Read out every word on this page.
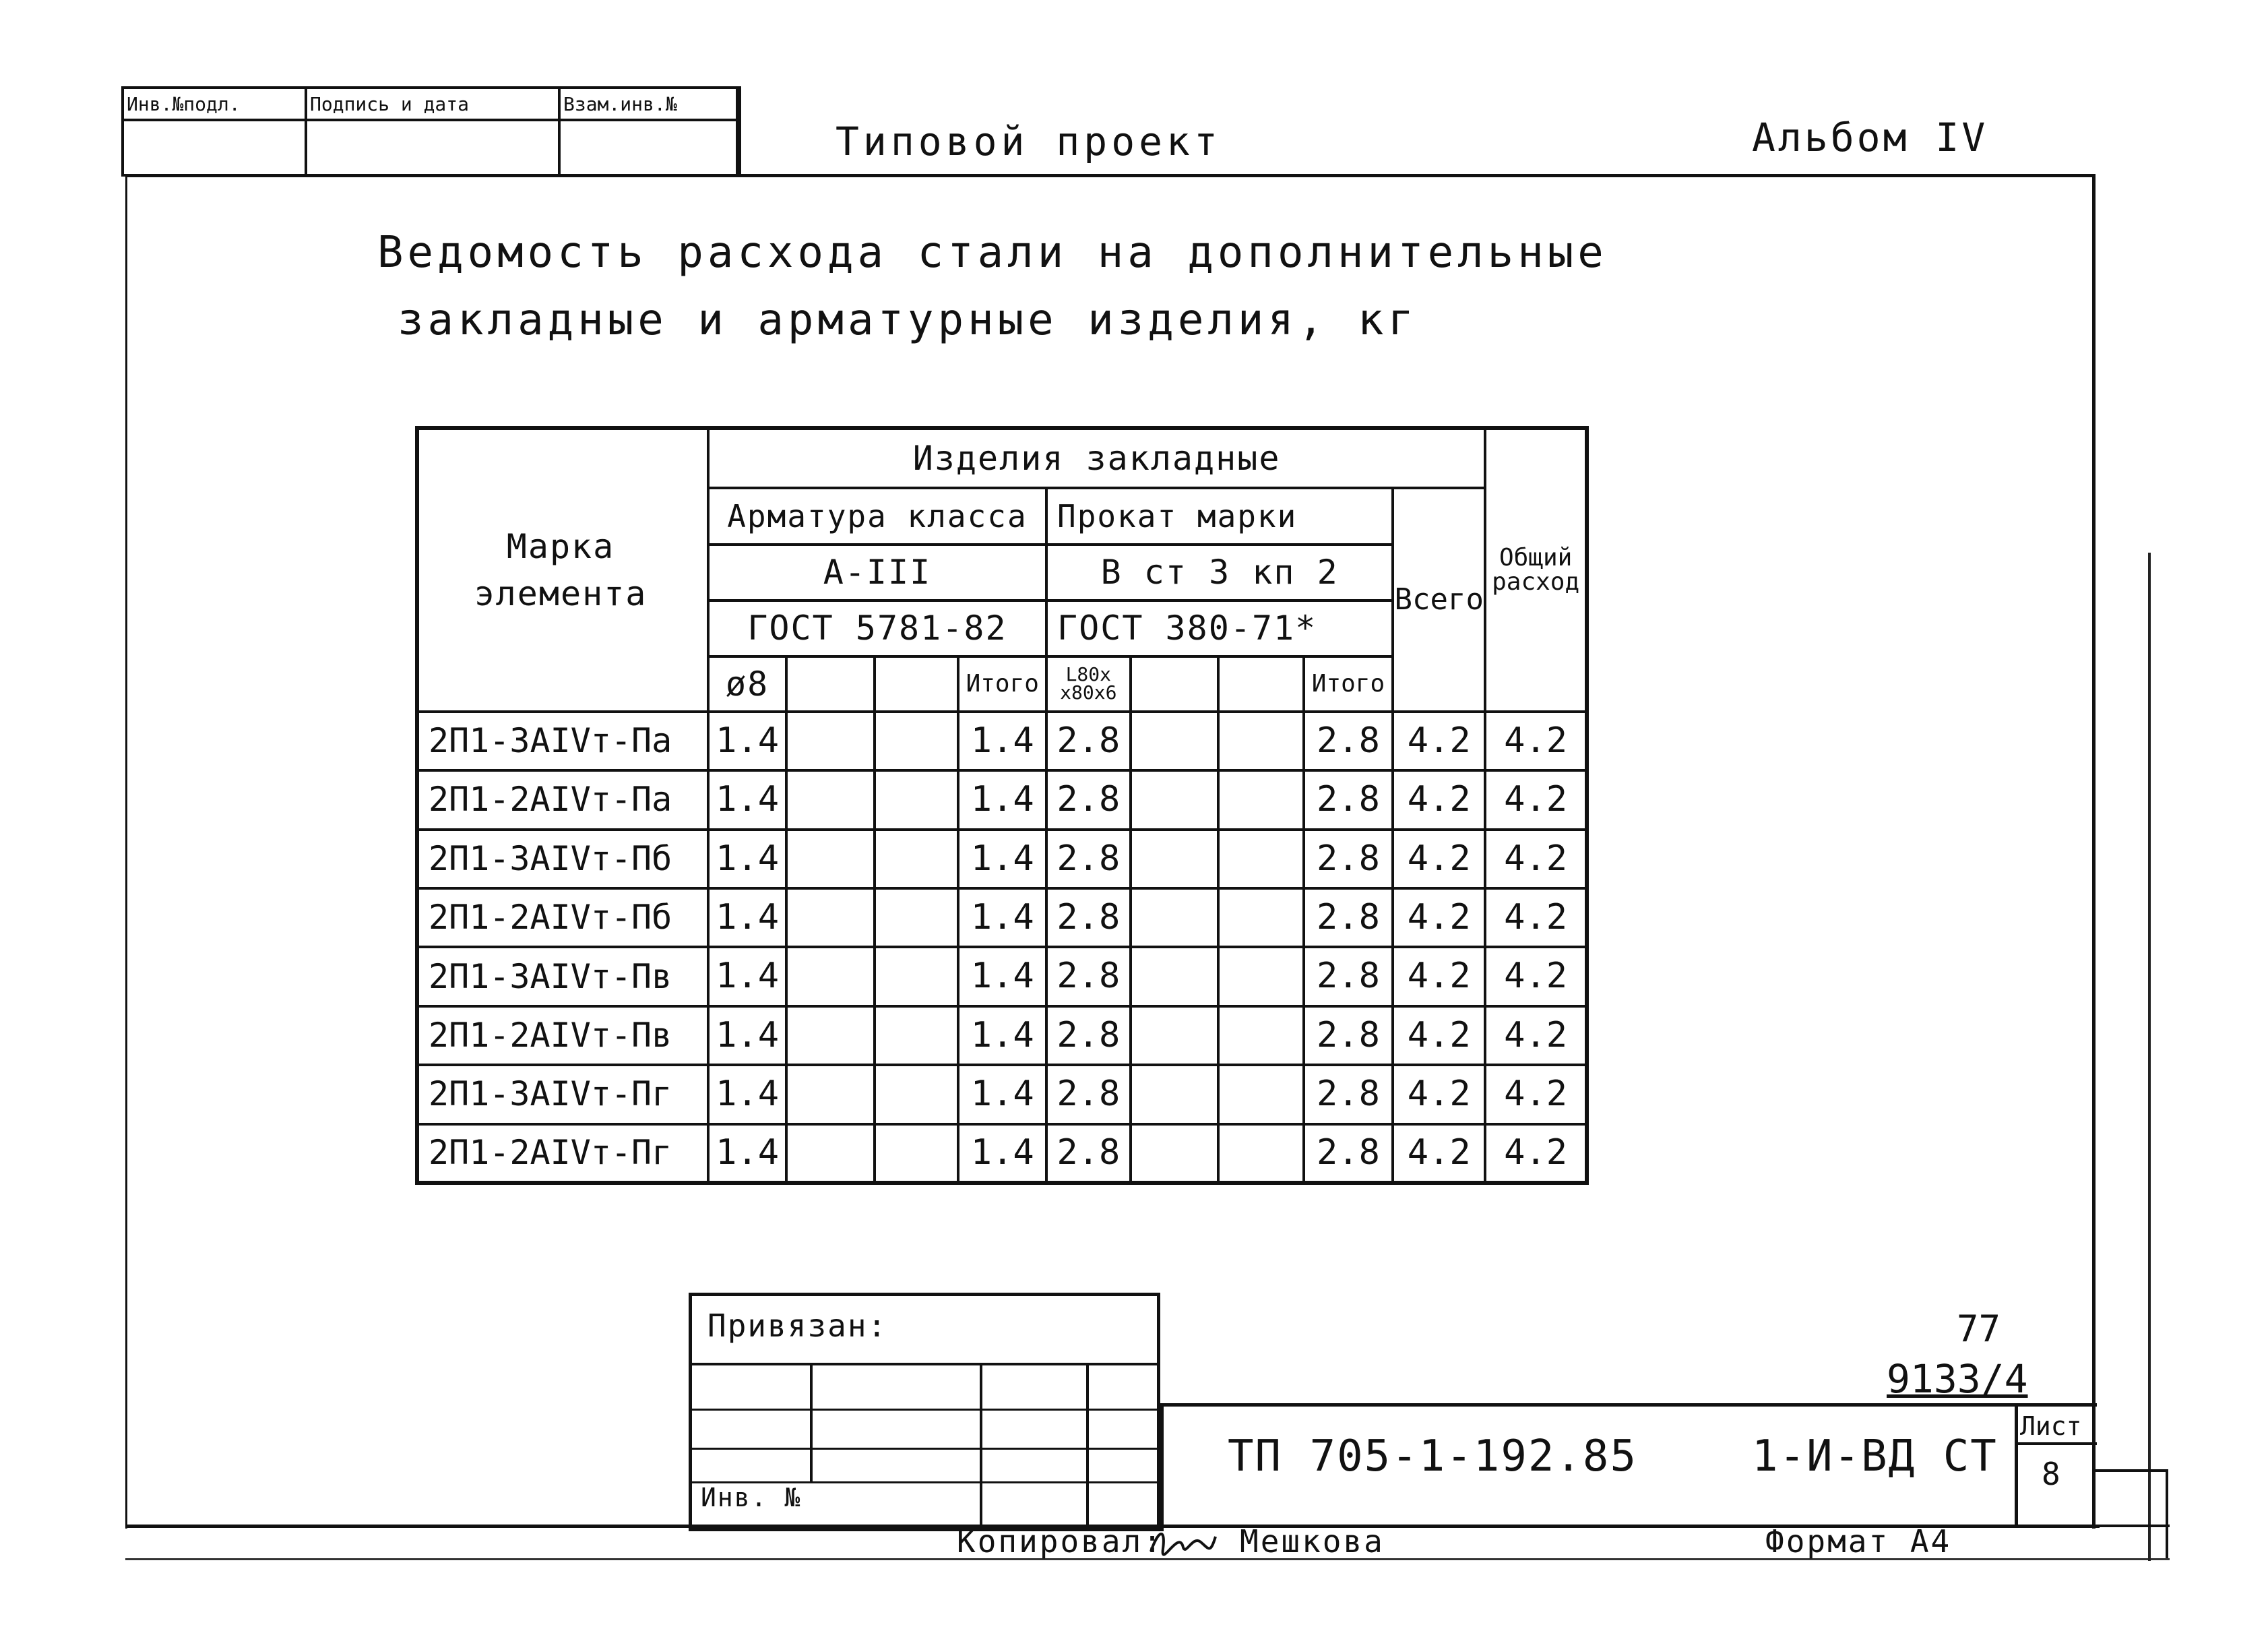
Инв.№подл.	Подпись и дата	Взам.инв.№
Типовой проект	Альбом IV
Ведомость расхода стали на дополнительные
закладные и арматурные изделия, кг
Марка элемента	Изделия закладные									Общий расход
	Арматура класса				Прокат марки				Всего	
	А-III				В ст 3 кп 2					
	ГОСТ 5781-82				ГОСТ 380-71*					
	ø8			Итого	L80x x80x6			Итого		
2П1-3АIVт-Па	1.4			1.4	2.8			2.8	4.2	4.2
2П1-2АIVт-Па	1.4			1.4	2.8			2.8	4.2	4.2
2П1-3АIVт-Пб	1.4			1.4	2.8			2.8	4.2	4.2
2П1-2АIVт-Пб	1.4			1.4	2.8			2.8	4.2	4.2
2П1-3АIVт-Пв	1.4			1.4	2.8			2.8	4.2	4.2
2П1-2АIVт-Пв	1.4			1.4	2.8			2.8	4.2	4.2
2П1-3АIVт-Пг	1.4			1.4	2.8			2.8	4.2	4.2
2П1-2АIVт-Пг	1.4			1.4	2.8			2.8	4.2	4.2
Привязан:
Инв. №
Лист
8
ТП 705-1-192.85	1-И-ВД СТ
77
9133/4
Копировал: Мешкова	Формат А4
